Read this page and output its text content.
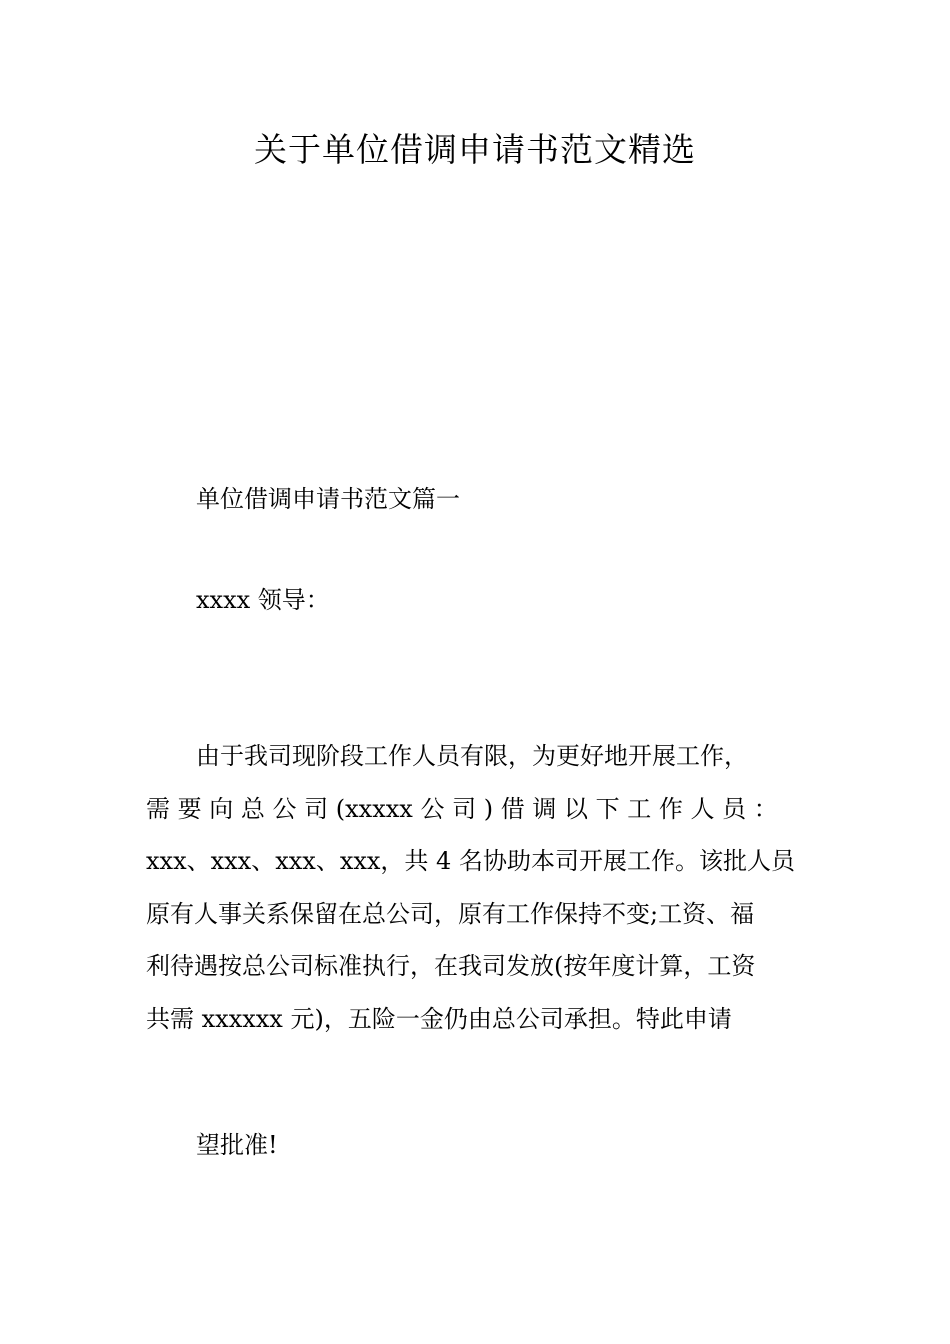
关于单位借调申请书范文精选
单位借调申请书范文篇一
xxxx 领导：
由于我司现阶段工作人员有限，为更好地开展工作，
需 要 向 总 公 司 (xxxxx 公 司 ) 借 调 以 下 工 作 人 员 ：
xxx、xxx、xxx、xxx，共 4 名协助本司开展工作。该批人员
原有人事关系保留在总公司，原有工作保持不变;工资、福
利待遇按总公司标准执行，在我司发放(按年度计算，工资
共需 xxxxxx 元)，五险一金仍由总公司承担。特此申请
望批准!
